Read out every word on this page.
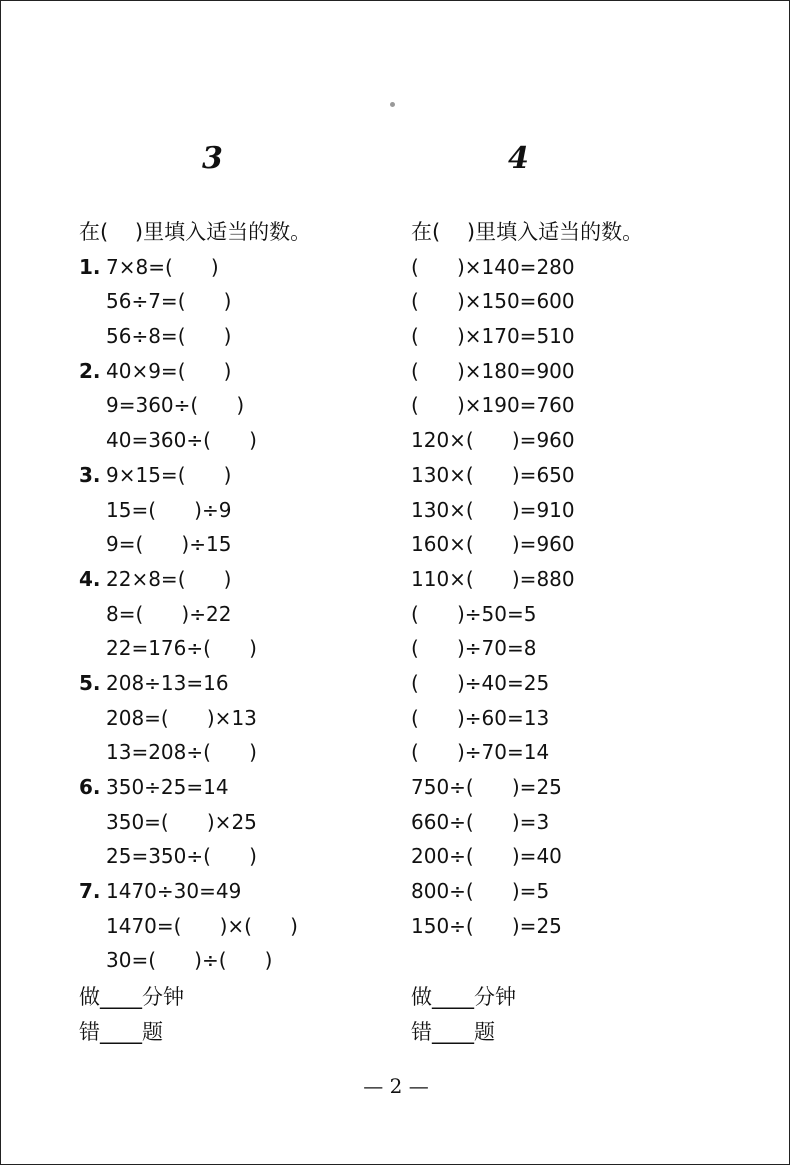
3	4
在(    )里填入适当的数。
1. 7×8=(      )
56÷7=(      )
56÷8=(      )
2. 40×9=(      )
9=360÷(      )
40=360÷(      )
3. 9×15=(      )
15=(      )÷9
9=(      )÷15
4. 22×8=(      )
8=(      )÷22
22=176÷(      )
5. 208÷13=16
208=(      )×13
13=208÷(      )
6. 350÷25=14
350=(      )×25
25=350÷(      )
7. 1470÷30=49
1470=(      )×(      )
30=(      )÷(      )
在(    )里填入适当的数。
(      )×140=280
(      )×150=600
(      )×170=510
(      )×180=900
(      )×190=760
120×(      )=960
130×(      )=650
130×(      )=910
160×(      )=960
110×(      )=880
(      )÷50=5
(      )÷70=8
(      )÷40=25
(      )÷60=13
(      )÷70=14
750÷(      )=25
660÷(      )=3
200÷(      )=40
800÷(      )=5
150÷(      )=25
做____分钟
错____题
做____分钟
错____题
— 2 —
